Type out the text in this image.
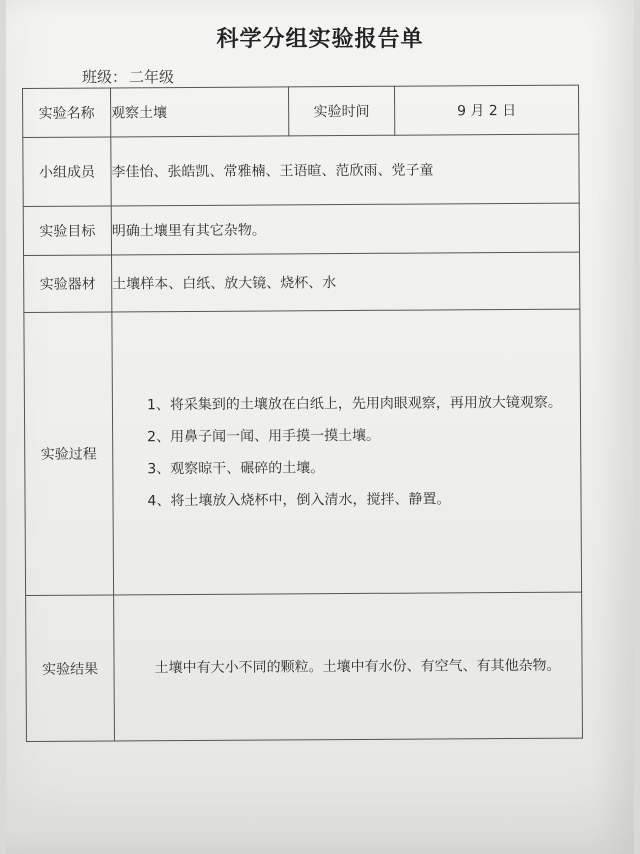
科学分组实验报告单
班级： 二年级
实验名称	观察土壤	实验时间	9 月 2 日
小组成员	李佳怡、张皓凯、常雅楠、王语暄、范欣雨、党子童		
实验目标	明确土壤里有其它杂物。		
实验器材	土壤样本、白纸、放大镜、烧杯、水		
实验过程	1、将采集到的土壤放在白纸上，先用肉眼观察，再用放大镜观察。

2、用鼻子闻一闻、用手摸一摸土壤。

3、观察晾干、碾碎的土壤。

4、将土壤放入烧杯中，倒入清水，搅拌、静置。		

实验结果	土壤中有大小不同的颗粒。土壤中有水份、有空气、有其他杂物。		
